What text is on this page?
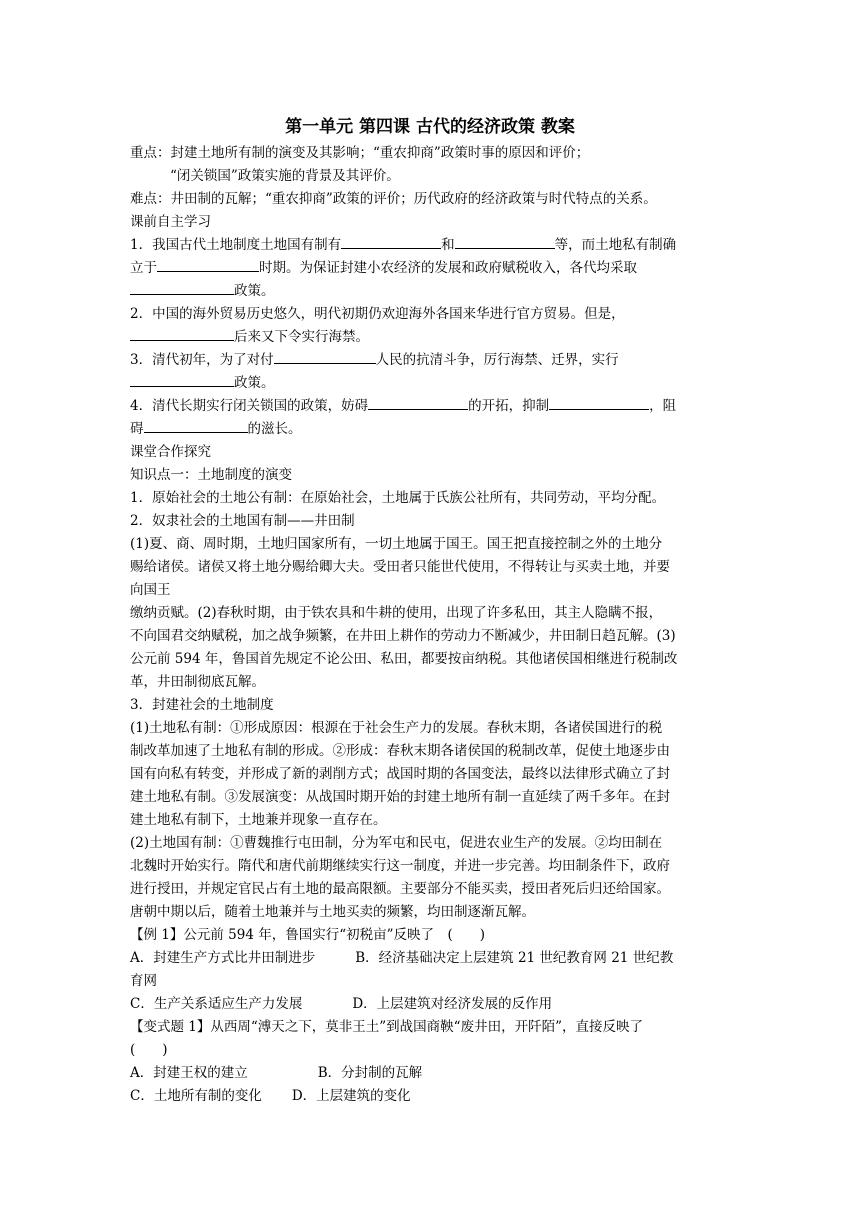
第一单元 第四课 古代的经济政策 教案
重点：封建土地所有制的演变及其影响；“重农抑商”政策时事的原因和评价；
“闭关锁国”政策实施的背景及其评价。
难点：井田制的瓦解；“重农抑商”政策的评价；历代政府的经济政策与时代特点的关系。
课前自主学习
1．我国古代土地制度土地国有制有	和	等，而土地私有制确
立于	时期。为保证封建小农经济的发展和政府赋税收入，各代均采取
政策。
2．中国的海外贸易历史悠久，明代初期仍欢迎海外各国来华进行官方贸易。但是，
后来又下令实行海禁。
3．清代初年，为了对付	人民的抗清斗争，厉行海禁、迁界，实行
政策。
4．清代长期实行闭关锁国的政策，妨碍	的开拓，抑制	，阻
碍	的滋长。
课堂合作探究
知识点一：土地制度的演变
1．原始社会的土地公有制：在原始社会，土地属于氏族公社所有，共同劳动，平均分配。
2．奴隶社会的土地国有制——井田制
(1)夏、商、周时期，土地归国家所有，一切土地属于国王。国王把直接控制之外的土地分
赐给诸侯。诸侯又将土地分赐给卿大夫。受田者只能世代使用，不得转让与买卖土地，并要
向国王
缴纳贡赋。(2)春秋时期，由于铁农具和牛耕的使用，出现了许多私田，其主人隐瞒不报，
不向国君交纳赋税，加之战争频繁，在井田上耕作的劳动力不断减少，井田制日趋瓦解。(3)
公元前 594 年，鲁国首先规定不论公田、私田，都要按亩纳税。其他诸侯国相继进行税制改
革，井田制彻底瓦解。
3．封建社会的土地制度
(1)土地私有制：①形成原因：根源在于社会生产力的发展。春秋末期，各诸侯国进行的税
制改革加速了土地私有制的形成。②形成：春秋末期各诸侯国的税制改革，促使土地逐步由
国有向私有转变，并形成了新的剥削方式；战国时期的各国变法，最终以法律形式确立了封
建土地私有制。③发展演变：从战国时期开始的封建土地所有制一直延续了两千多年。在封
建土地私有制下，土地兼并现象一直存在。
(2)土地国有制：①曹魏推行屯田制，分为军屯和民屯，促进农业生产的发展。②均田制在
北魏时开始实行。隋代和唐代前期继续实行这一制度，并进一步完善。均田制条件下，政府
进行授田，并规定官民占有土地的最高限额。主要部分不能买卖，授田者死后归还给国家。
唐朝中期以后，随着土地兼并与土地买卖的频繁，均田制逐渐瓦解。
【例 1】公元前 594 年，鲁国实行“初税亩”反映了　(　　)
A．封建生产方式比井田制进步	B．经济基础决定上层建筑 21 世纪教育网 21 世纪教
育网
C．生产关系适应生产力发展	D．上层建筑对经济发展的反作用
【变式题 1】从西周“溥天之下，莫非王土”到战国商鞅“废井田，开阡陌”，直接反映了
(　　)
A．封建王权的建立	B．分封制的瓦解
C．土地所有制的变化 D．上层建筑的变化
